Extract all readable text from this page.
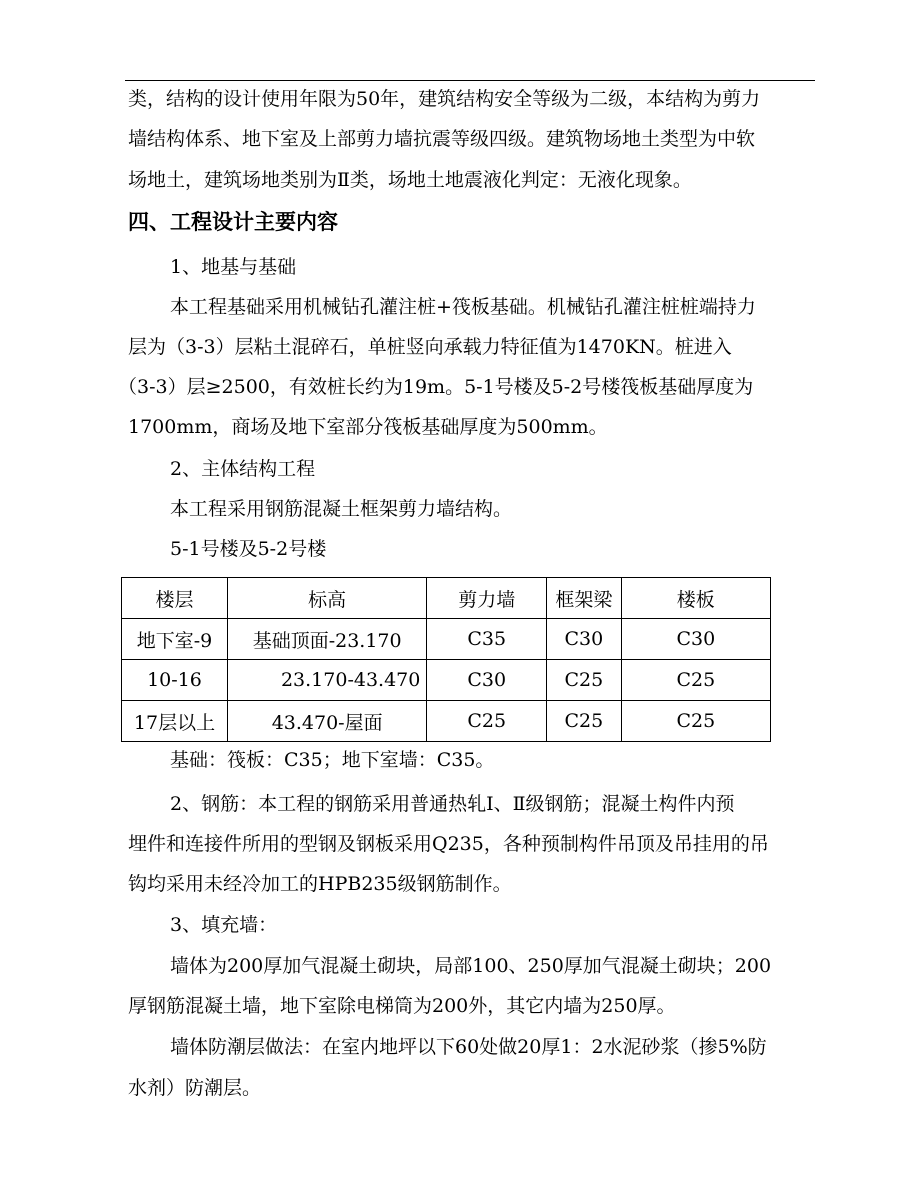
类，结构的设计使用年限为50年，建筑结构安全等级为二级，本结构为剪力

墙结构体系、地下室及上部剪力墙抗震等级四级。建筑物场地土类型为中软

场地土，建筑场地类别为Ⅱ类，场地土地震液化判定：无液化现象。

四、工程设计主要内容

1、地基与基础

本工程基础采用机械钻孔灌注桩+筏板基础。机械钻孔灌注桩桩端持力

层为（3-3）层粘土混碎石，单桩竖向承载力特征值为1470KN。桩进入

（3-3）层≥2500，有效桩长约为19m。5-1号楼及5-2号楼筏板基础厚度为

1700mm，商场及地下室部分筏板基础厚度为500mm。

2、主体结构工程

本工程采用钢筋混凝土框架剪力墙结构。

5-1号楼及5-2号楼

楼层	标高	剪力墙	框架梁	楼板
地下室-9	基础顶面-23.170	C35	C30	C30
10-16	23.170-43.470	C30	C25	C25
17层以上	43.470-屋面	C25	C25	C25

基础：筏板：C35；地下室墙：C35。

2、钢筋：本工程的钢筋采用普通热轧Ⅰ、Ⅱ级钢筋；混凝土构件内预

埋件和连接件所用的型钢及钢板采用Q235，各种预制构件吊顶及吊挂用的吊

钩均采用未经冷加工的HPB235级钢筋制作。

3、填充墙：

墙体为200厚加气混凝土砌块，局部100、250厚加气混凝土砌块；200

厚钢筋混凝土墙，地下室除电梯筒为200外，其它内墙为250厚。

墙体防潮层做法：在室内地坪以下60处做20厚1：2水泥砂浆（掺5%防

水剂）防潮层。
